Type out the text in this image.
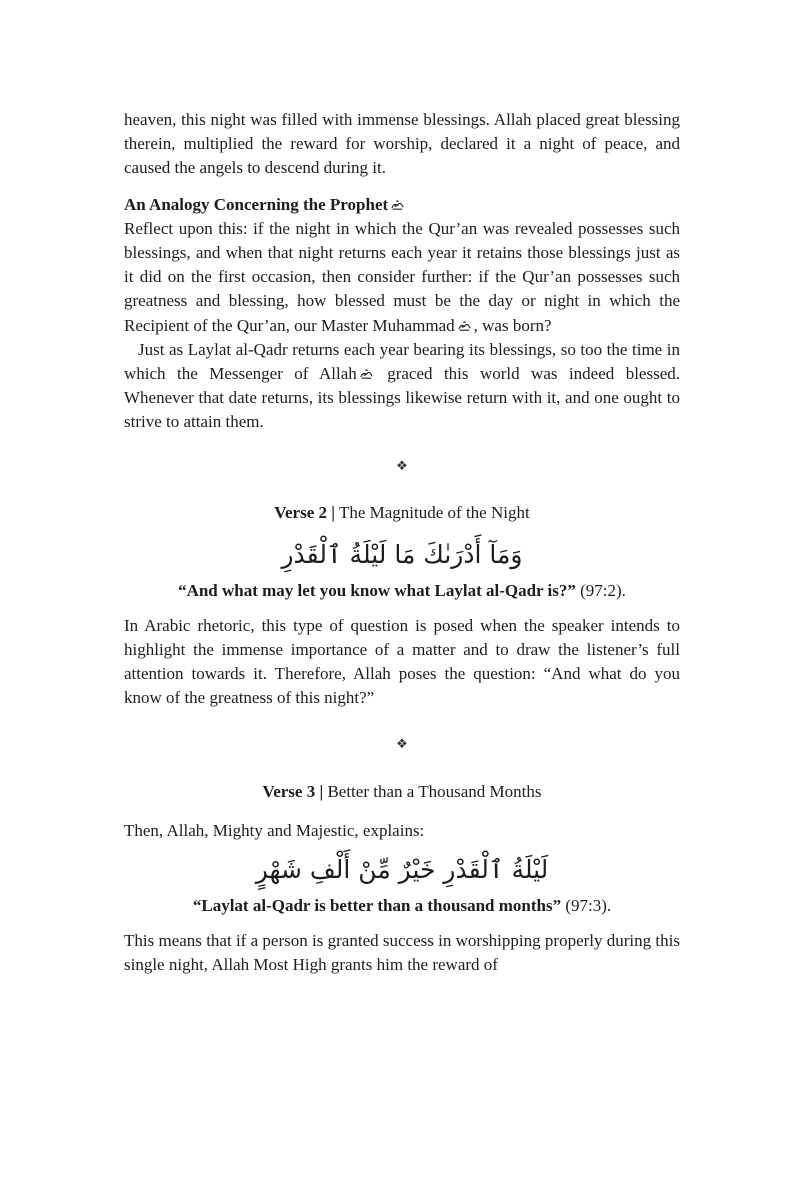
heaven, this night was filled with immense blessings. Allah placed great blessing therein, multiplied the reward for worship, declared it a night of peace, and caused the angels to descend during it.

An Analogy Concerning the Prophet

Reflect upon this: if the night in which the Qur’an was revealed possesses such blessings, and when that night returns each year it retains those blessings just as it did on the first occasion, then consider further: if the Qur’an possesses such greatness and blessing, how blessed must be the day or night in which the Recipient of the Qur’an, our Master Muhammad , was born?

Just as Laylat al-Qadr returns each year bearing its blessings, so too the time in which the Messenger of Allah graced this world was indeed blessed. Whenever that date returns, its blessings likewise return with it, and one ought to strive to attain them.

❖
Verse 2 | The Magnitude of the Night
وَمَآ أَدْرَىٰكَ مَا لَيْلَةُ ٱلْقَدْرِ
“And what may let you know what Laylat al-Qadr is?” (97:2).

In Arabic rhetoric, this type of question is posed when the speaker intends to highlight the immense importance of a matter and to draw the listener’s full attention towards it. Therefore, Allah poses the question: “And what do you know of the greatness of this night?”

❖
Verse 3 | Better than a Thousand Months

Then, Allah, Mighty and Majestic, explains:

لَيْلَةُ ٱلْقَدْرِ خَيْرٌ مِّنْ أَلْفِ شَهْرٍ
“Laylat al-Qadr is better than a thousand months” (97:3).

This means that if a person is granted success in worshipping properly during this single night, Allah Most High grants him the reward of
